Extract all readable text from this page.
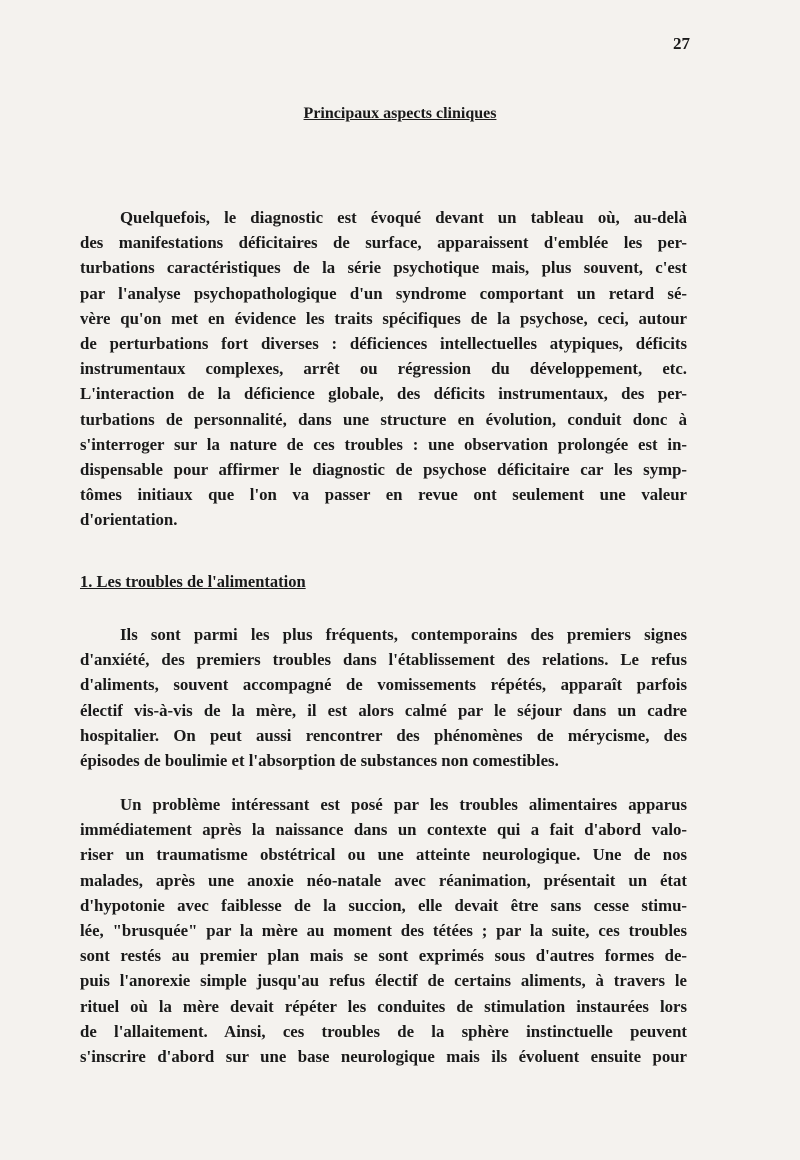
27
Principaux aspects cliniques
Quelquefois, le diagnostic est évoqué devant un tableau où, au-delà
des manifestations déficitaires de surface, apparaissent d'emblée les per-
turbations caractéristiques de la série psychotique mais, plus souvent, c'est
par l'analyse psychopathologique d'un syndrome comportant un retard sé-
vère qu'on met en évidence les traits spécifiques de la psychose, ceci, autour
de perturbations fort diverses : déficiences intellectuelles atypiques, déficits
instrumentaux complexes, arrêt ou régression du développement, etc.
L'interaction de la déficience globale, des déficits instrumentaux, des per-
turbations de personnalité, dans une structure en évolution, conduit donc à
s'interroger sur la nature de ces troubles : une observation prolongée est in-
dispensable pour affirmer le diagnostic de psychose déficitaire car les symp-
tômes initiaux que l'on va passer en revue ont seulement une valeur
d'orientation.
1. Les troubles de l'alimentation
Ils sont parmi les plus fréquents, contemporains des premiers signes
d'anxiété, des premiers troubles dans l'établissement des relations. Le refus
d'aliments, souvent accompagné de vomissements répétés, apparaît parfois
électif vis-à-vis de la mère, il est alors calmé par le séjour dans un cadre
hospitalier. On peut aussi rencontrer des phénomènes de mérycisme, des
épisodes de boulimie et l'absorption de substances non comestibles.
Un problème intéressant est posé par les troubles alimentaires apparus
immédiatement après la naissance dans un contexte qui a fait d'abord valo-
riser un traumatisme obstétrical ou une atteinte neurologique. Une de nos
malades, après une anoxie néo-natale avec réanimation, présentait un état
d'hypotonie avec faiblesse de la succion, elle devait être sans cesse stimu-
lée, "brusquée" par la mère au moment des tétées ; par la suite, ces troubles
sont restés au premier plan mais se sont exprimés sous d'autres formes de-
puis l'anorexie simple jusqu'au refus électif de certains aliments, à travers le
rituel où la mère devait répéter les conduites de stimulation instaurées lors
de l'allaitement. Ainsi, ces troubles de la sphère instinctuelle peuvent
s'inscrire d'abord sur une base neurologique mais ils évoluent ensuite pour
